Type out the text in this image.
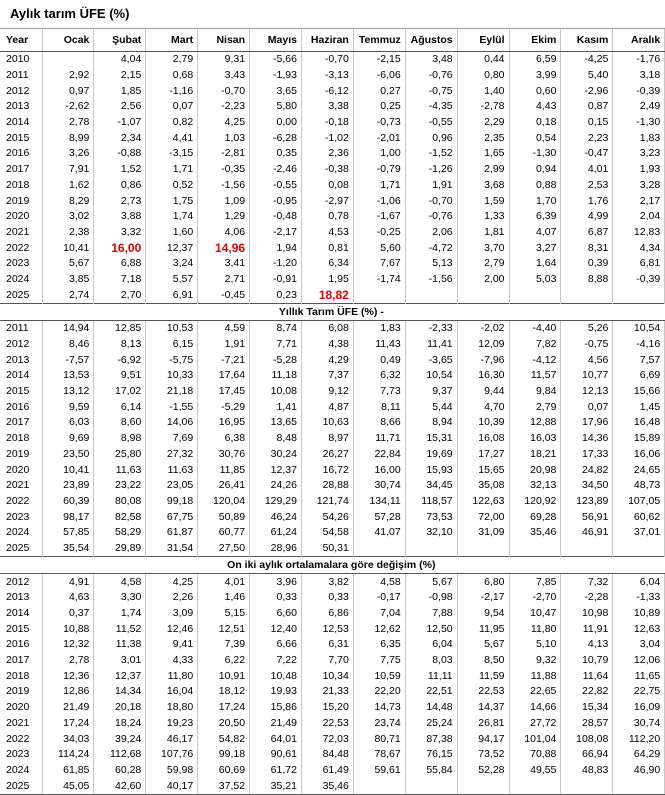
Aylık tarım ÜFE (%)
Year	Ocak	Şubat	Mart	Nisan	Mayıs	Haziran	Temmuz	Ağustos	Eylül	Ekim	Kasım	Aralık
2010		4,04	2,79	9,31	-5,66	-0,70	-2,15	3,48	0,44	6,59	-4,25	-1,76
2011	2,92	2,15	0,68	3,43	-1,93	-3,13	-6,06	-0,76	0,80	3,99	5,40	3,18
2012	0,97	1,85	-1,16	-0,70	3,65	-6,12	0,27	-0,75	1,40	0,60	-2,96	-0,39
2013	-2,62	2,56	0,07	-2,23	5,80	3,38	0,25	-4,35	-2,78	4,43	0,87	2,49
2014	2,78	-1,07	0,82	4,25	0,00	-0,18	-0,73	-0,55	2,29	0,18	0,15	-1,30
2015	8,99	2,34	4,41	1,03	-6,28	-1,02	-2,01	0,96	2,35	0,54	2,23	1,83
2016	3,26	-0,88	-3,15	-2,81	0,35	2,36	1,00	-1,52	1,65	-1,30	-0,47	3,23
2017	7,91	1,52	1,71	-0,35	-2,46	-0,38	-0,79	-1,26	2,99	0,94	4,01	1,93
2018	1,62	0,86	0,52	-1,56	-0,55	0,08	1,71	1,91	3,68	0,88	2,53	3,28
2019	8,29	2,73	1,75	1,09	-0,95	-2,97	-1,06	-0,70	1,59	1,70	1,76	2,17
2020	3,02	3,88	1,74	1,29	-0,48	0,78	-1,67	-0,76	1,33	6,39	4,99	2,04
2021	2,38	3,32	1,60	4,06	-2,17	4,53	-0,25	2,06	1,81	4,07	6,87	12,83
2022	10,41	16,00	12,37	14,96	1,94	0,81	5,60	-4,72	3,70	3,27	8,31	4,34
2023	5,67	6,88	3,24	3,41	-1,20	6,34	7,67	5,13	2,79	1,64	0,39	6,81
2024	3,85	7,18	5,57	2,71	-0,91	1,95	-1,74	-1,56	2,00	5,03	8,88	-0,39
2025	2,74	2,70	6,91	-0,45	0,23	18,82						
Yıllık Tarım ÜFE (%) -												
2011	14,94	12,85	10,53	4,59	8,74	6,08	1,83	-2,33	-2,02	-4,40	5,26	10,54
2012	8,46	8,13	6,15	1,91	7,71	4,38	11,43	11,41	12,09	7,82	-0,75	-4,16
2013	-7,57	-6,92	-5,75	-7,21	-5,28	4,29	0,49	-3,65	-7,96	-4,12	4,56	7,57
2014	13,53	9,51	10,33	17,64	11,18	7,37	6,32	10,54	16,30	11,57	10,77	6,69
2015	13,12	17,02	21,18	17,45	10,08	9,12	7,73	9,37	9,44	9,84	12,13	15,66
2016	9,59	6,14	-1,55	-5,29	1,41	4,87	8,11	5,44	4,70	2,79	0,07	1,45
2017	6,03	8,60	14,06	16,95	13,65	10,63	8,66	8,94	10,39	12,88	17,96	16,48
2018	9,69	8,98	7,69	6,38	8,48	8,97	11,71	15,31	16,08	16,03	14,36	15,89
2019	23,50	25,80	27,32	30,76	30,24	26,27	22,84	19,69	17,27	18,21	17,33	16,06
2020	10,41	11,63	11,63	11,85	12,37	16,72	16,00	15,93	15,65	20,98	24,82	24,65
2021	23,89	23,22	23,05	26,41	24,26	28,88	30,74	34,45	35,08	32,13	34,50	48,73
2022	60,39	80,08	99,18	120,04	129,29	121,74	134,11	118,57	122,63	120,92	123,89	107,05
2023	98,17	82,58	67,75	50,89	46,24	54,26	57,28	73,53	72,00	69,28	56,91	60,62
2024	57,85	58,29	61,87	60,77	61,24	54,58	41,07	32,10	31,09	35,46	46,91	37,01
2025	35,54	29,89	31,54	27,50	28,96	50,31						
On iki aylık ortalamalara göre değişim (%)												
2012	4,91	4,58	4,25	4,01	3,96	3,82	4,58	5,67	6,80	7,85	7,32	6,04
2013	4,63	3,30	2,26	1,46	0,33	0,33	-0,17	-0,98	-2,17	-2,70	-2,28	-1,33
2014	0,37	1,74	3,09	5,15	6,60	6,86	7,04	7,88	9,54	10,47	10,98	10,89
2015	10,88	11,52	12,46	12,51	12,40	12,53	12,62	12,50	11,95	11,80	11,91	12,63
2016	12,32	11,38	9,41	7,39	6,66	6,31	6,35	6,04	5,67	5,10	4,13	3,04
2017	2,78	3,01	4,33	6,22	7,22	7,70	7,75	8,03	8,50	9,32	10,79	12,06
2018	12,36	12,37	11,80	10,91	10,48	10,34	10,59	11,11	11,59	11,88	11,64	11,65
2019	12,86	14,34	16,04	18,12	19,93	21,33	22,20	22,51	22,53	22,65	22,82	22,75
2020	21,49	20,18	18,80	17,24	15,86	15,20	14,73	14,48	14,37	14,66	15,34	16,09
2021	17,24	18,24	19,23	20,50	21,49	22,53	23,74	25,24	26,81	27,72	28,57	30,74
2022	34,03	39,24	46,17	54,82	64,01	72,03	80,71	87,38	94,17	101,04	108,08	112,20
2023	114,24	112,68	107,76	99,18	90,61	84,48	78,67	76,15	73,52	70,88	66,94	64,29
2024	61,85	60,28	59,98	60,69	61,72	61,49	59,61	55,84	52,28	49,55	48,83	46,90
2025	45,05	42,60	40,17	37,52	35,21	35,46						
